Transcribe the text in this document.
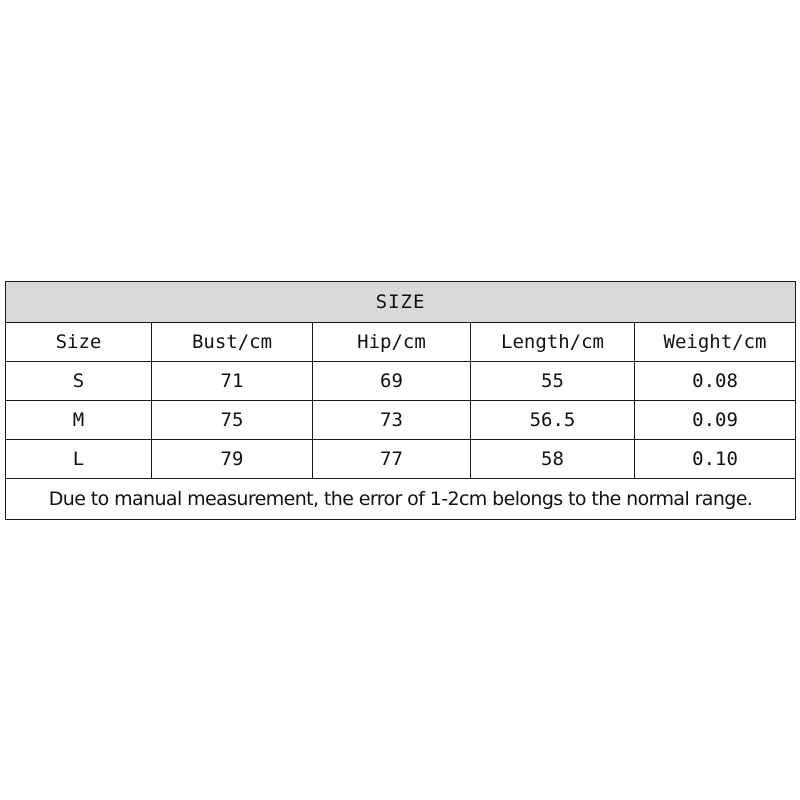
SIZE				
Size	Bust/cm	Hip/cm	Length/cm	Weight/cm
S	71	69	55	0.08
M	75	73	56.5	0.09
L	79	77	58	0.10
Due to manual measurement, the error of 1-2cm belongs to the normal range.				
